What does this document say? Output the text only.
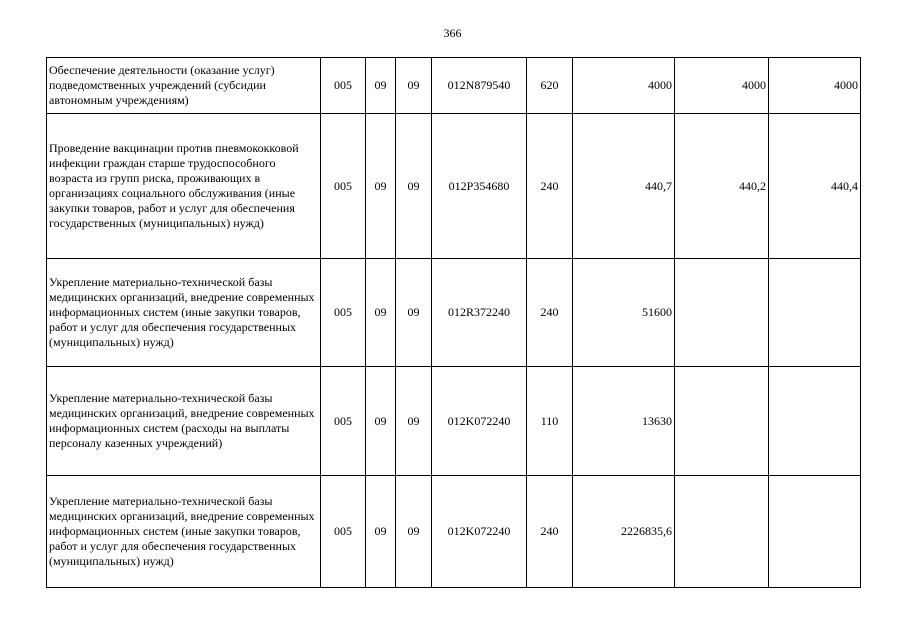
366
Обеспечение деятельности (оказание услуг) подведомственных учреждений (субсидии автономным учреждениям)	005	09	09	012N879540	620	4000	4000	4000
Проведение вакцинации против пневмококковой инфекции граждан старше трудоспособного возраста из групп риска, проживающих в организациях социального обслуживания (иные закупки товаров, работ и услуг для обеспечения государственных (муниципальных) нужд)	005	09	09	012P354680	240	440,7	440,2	440,4
Укрепление материально-технической базы медицинских организаций, внедрение современных информационных систем (иные закупки товаров, работ и услуг для обеспечения государственных (муниципальных) нужд)	005	09	09	012R372240	240	51600		
Укрепление материально-технической базы медицинских организаций, внедрение современных информационных систем (расходы на выплаты персоналу казенных учреждений)	005	09	09	012K072240	110	13630		
Укрепление материально-технической базы медицинских организаций, внедрение современных информационных систем (иные закупки товаров, работ и услуг для обеспечения государственных (муниципальных) нужд)	005	09	09	012K072240	240	2226835,6		
